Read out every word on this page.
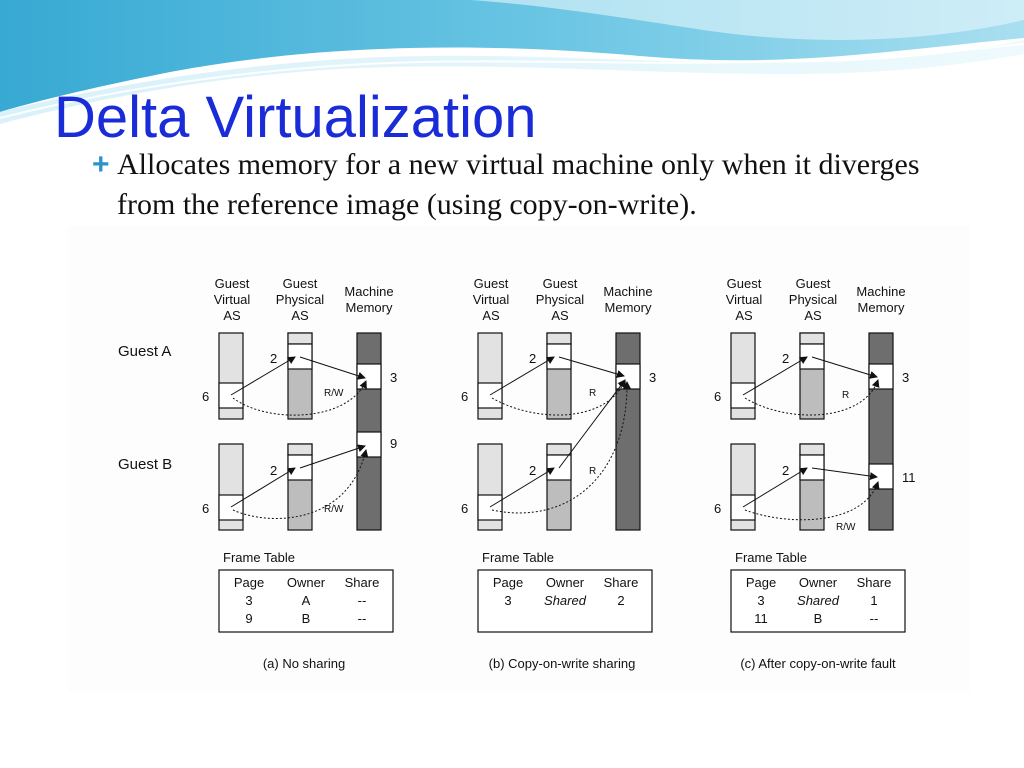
Delta Virtualization
+ Allocates memory for a new virtual machine only when it diverges from the reference image (using copy-on-write).

Guest A
Guest B
Guest Virtual AS
Guest Physical AS
Machine Memory
6
6
2
2
3
9
R/W
R/W
Frame Table
Page Owner Share
3	A	--
9	B	--
(a) No sharing
Guest Virtual AS
Guest Physical AS
Machine Memory
6
6
2
2
3
R
R
Frame Table
Page Owner Share
3 Shared 2
(b) Copy-on-write sharing
Guest Virtual AS
Guest Physical AS
Machine Memory
6
6
2
2
3
11
R
R/W
Frame Table
Page Owner Share
3 Shared 1
11	B	--
(c) After copy-on-write fault
